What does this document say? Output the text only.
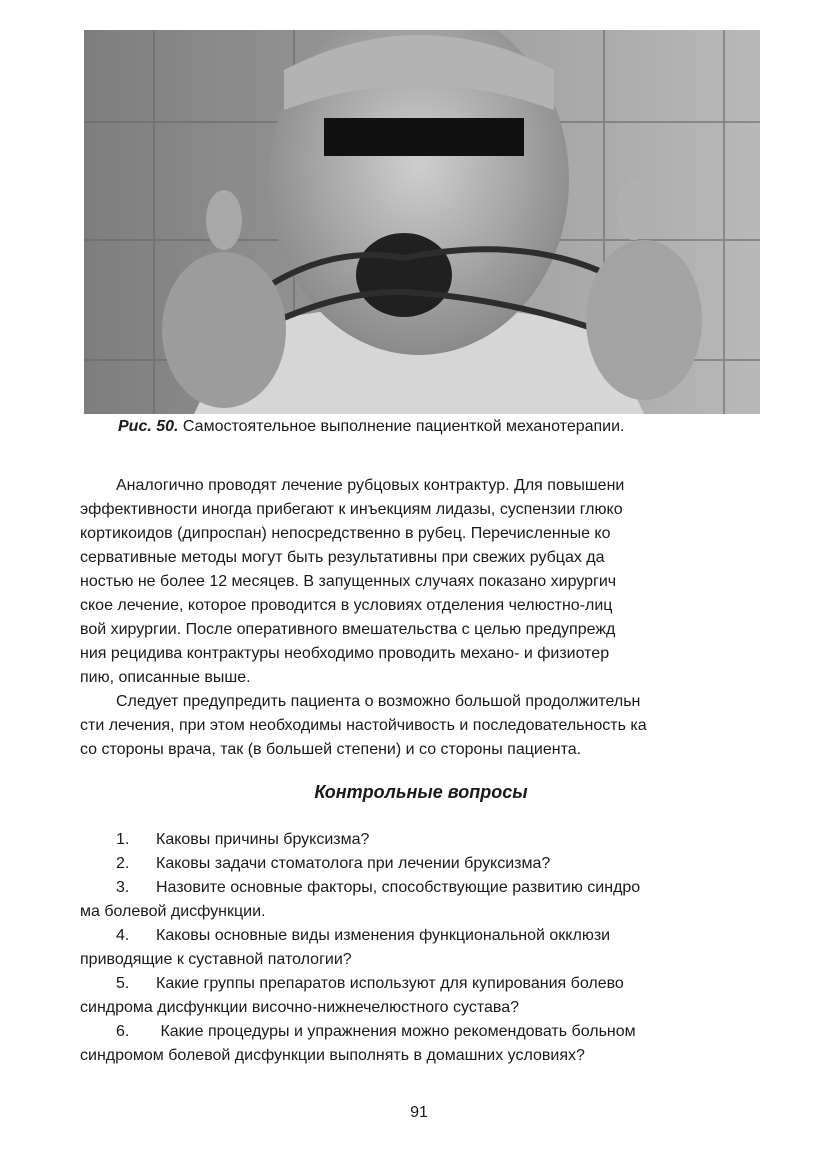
Рис. 50. Самостоятельное выполнение пациенткой механотерапии.
Аналогично проводят лечение рубцовых контрактур. Для повышени
эффективности иногда прибегают к инъекциям лидазы, суспензии глюко
кортикоидов (дипроспан) непосредственно в рубец. Перечисленные ко
сервативные методы могут быть результативны при свежих рубцах да
ностью не более 12 месяцев. В запущенных случаях показано хирургич
ское лечение, которое проводится в условиях отделения челюстно-лиц
вой хирургии. После оперативного вмешательства с целью предупрежд
ния рецидива контрактуры необходимо проводить механо- и физиотер
пию, описанные выше.
Следует предупредить пациента о возможно большой продолжительн
сти лечения, при этом необходимы настойчивость и последовательность ка
со стороны врача, так (в большей степени) и со стороны пациента.
Контрольные вопросы
1. Каковы причины бруксизма?
2. Каковы задачи стоматолога при лечении бруксизма?
3. Назовите основные факторы, способствующие развитию синдро
ма болевой дисфункции.
4. Каковы основные виды изменения функциональной окклюзи
приводящие к суставной патологии?
5. Какие группы препаратов используют для купирования болево
синдрома дисфункции височно-нижнечелюстного сустава?
6. Какие процедуры и упражнения можно рекомендовать больном
синдромом болевой дисфункции выполнять в домашних условиях?
91
